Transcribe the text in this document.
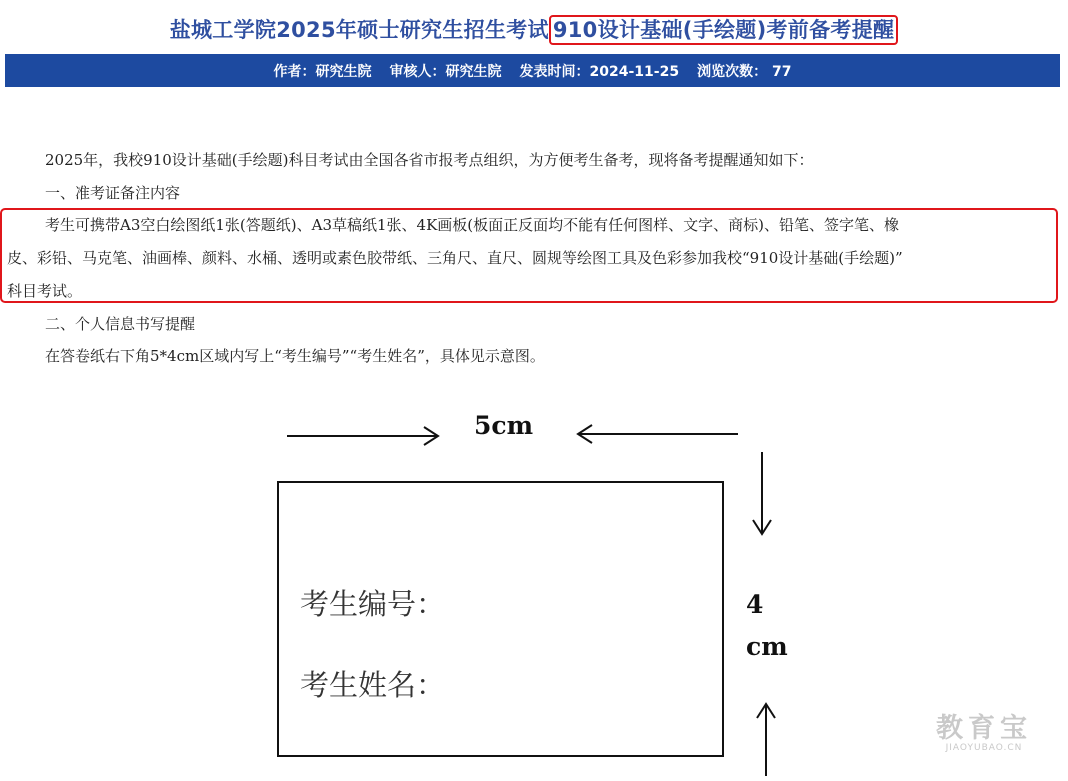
盐城工学院2025年硕士研究生招生考试 910设计基础(手绘题)考前备考提醒
作者：研究生院 审核人：研究生院 发表时间：2024-11-25 浏览次数： 77
2025年，我校910设计基础(手绘题)科目考试由全国各省市报考点组织，为方便考生备考，现将备考提醒通知如下：
一、准考证备注内容
考生可携带A3空白绘图纸1张(答题纸)、A3草稿纸1张、4K画板(板面正反面均不能有任何图样、文字、商标)、铅笔、签字笔、橡
皮、彩铅、马克笔、油画棒、颜料、水桶、透明或素色胶带纸、三角尺、直尺、圆规等绘图工具及色彩参加我校“910设计基础(手绘题)”
科目考试。
二、个人信息书写提醒
在答卷纸右下角5*4cm区域内写上“考生编号”“考生姓名”，具体见示意图。
5cm
4
cm
考生编号：
考生姓名：
教育宝
JIAOYUBAO.CN
